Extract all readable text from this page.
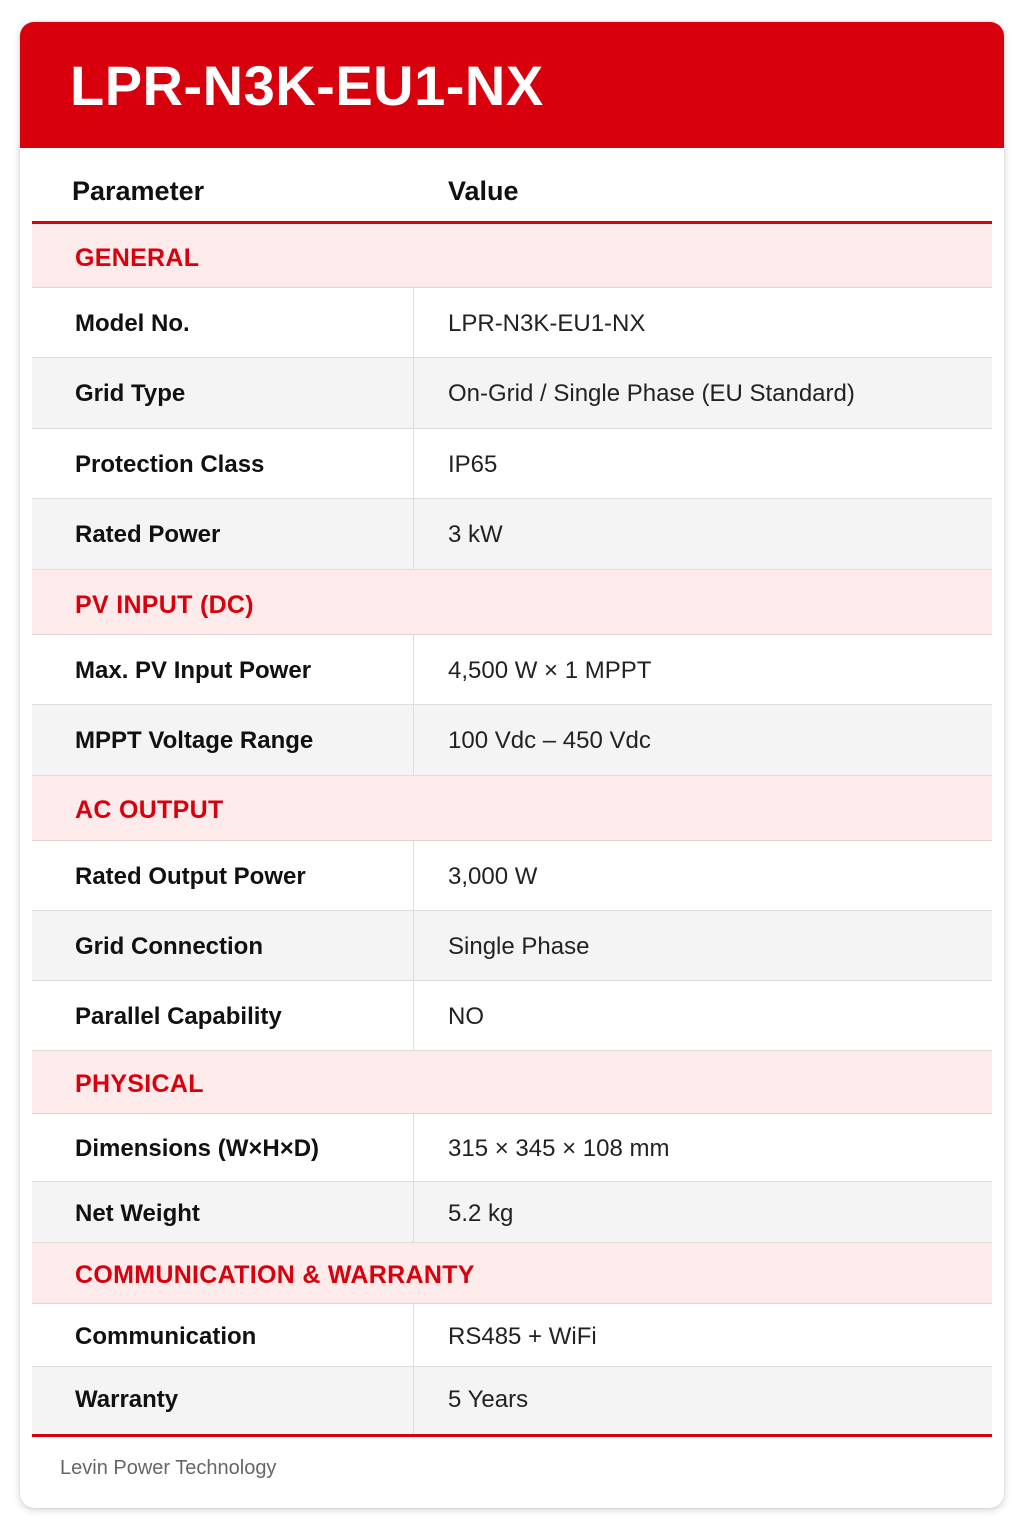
LPR-N3K-EU1-NX
Parameter	Value
GENERAL
Model No.	LPR-N3K-EU1-NX
Grid Type	On-Grid / Single Phase (EU Standard)
Protection Class	IP65
Rated Power	3 kW
PV INPUT (DC)
Max. PV Input Power	4,500 W × 1 MPPT
MPPT Voltage Range	100 Vdc – 450 Vdc
AC OUTPUT
Rated Output Power	3,000 W
Grid Connection	Single Phase
Parallel Capability	NO
PHYSICAL
Dimensions (W×H×D)	315 × 345 × 108 mm
Net Weight	5.2 kg
COMMUNICATION & WARRANTY
Communication	RS485 + WiFi
Warranty	5 Years
Levin Power Technology
